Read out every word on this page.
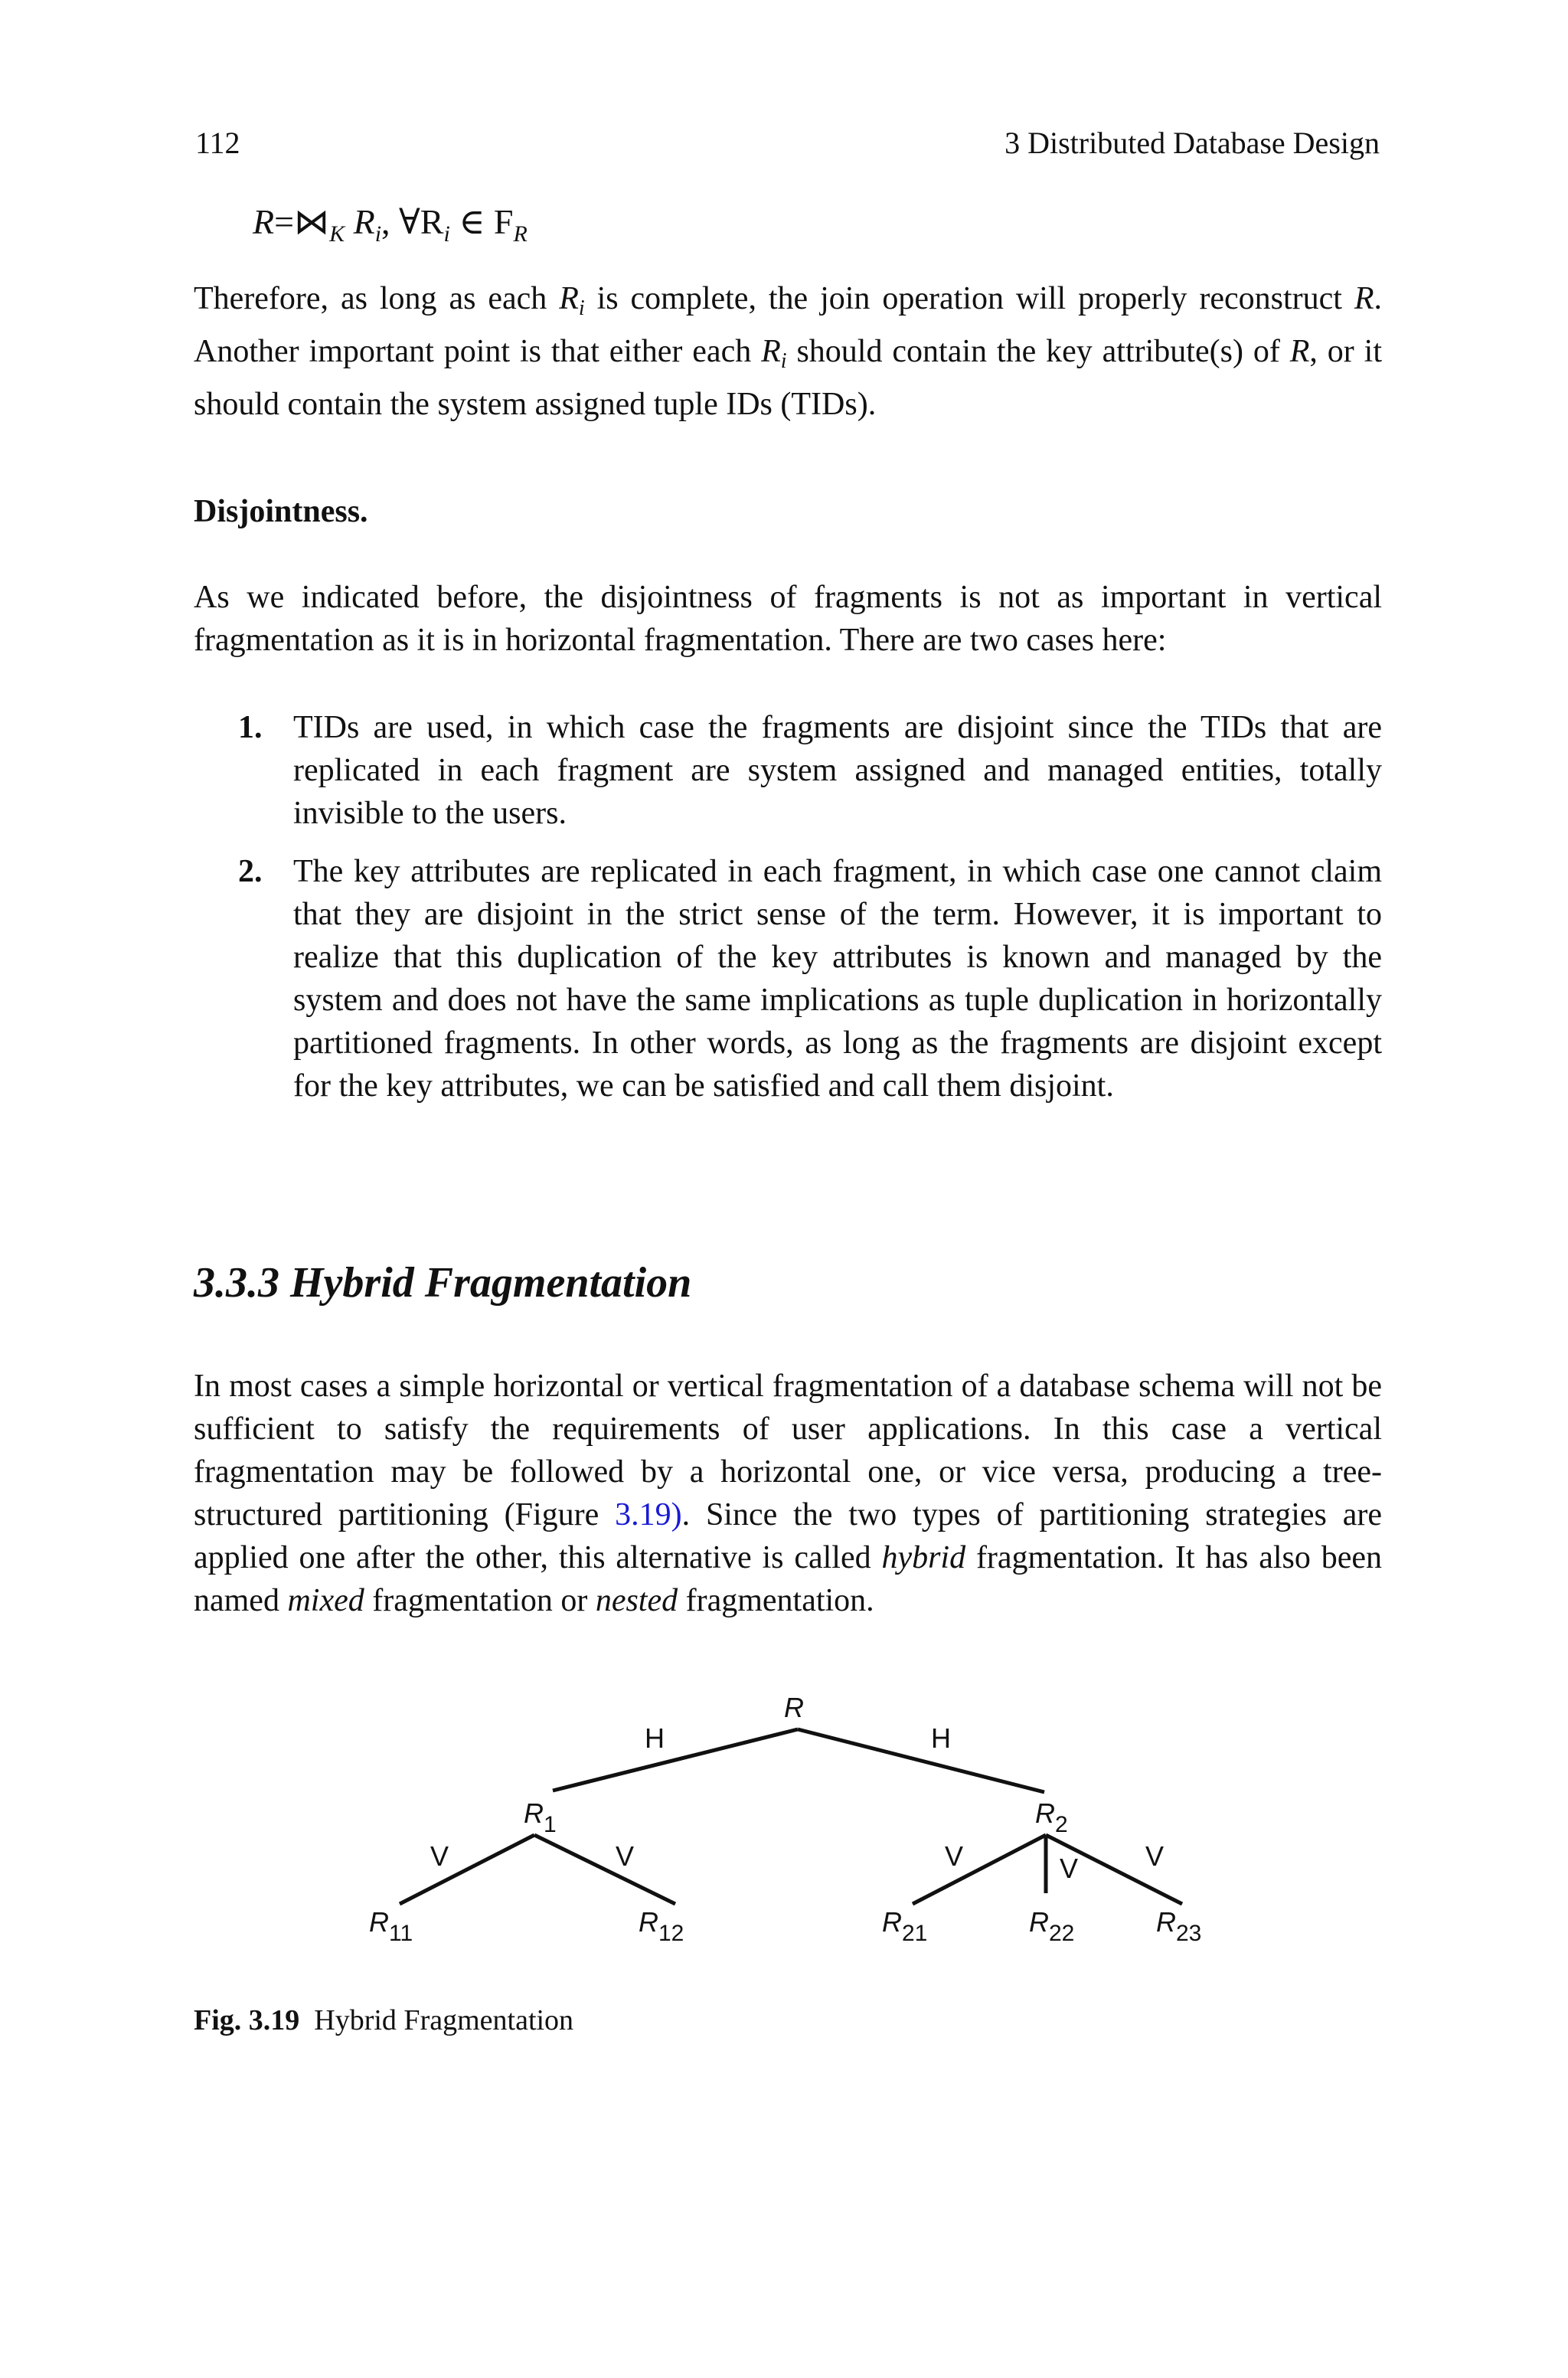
112	3 Distributed Database Design
$R=⋈_K$ $R_i$, $\forall R_i$ ∈ $F_R$

Therefore, as long as each $R_i$ is complete, the join operation will properly reconstruct R. Another important point is that either each $R_i$ should contain the key attribute(s) of R, or it should contain the system assigned tuple IDs (TIDs).

Disjointness.

As we indicated before, the disjointness of fragments is not as important in vertical fragmentation as it is in horizontal fragmentation. There are two cases here:

1. TIDs are used, in which case the fragments are disjoint since the TIDs that are replicated in each fragment are system assigned and managed entities, totally invisible to the users.
2. The key attributes are replicated in each fragment, in which case one cannot claim that they are disjoint in the strict sense of the term. However, it is important to realize that this duplication of the key attributes is known and managed by the system and does not have the same implications as tuple duplication in horizontally partitioned fragments. In other words, as long as the fragments are disjoint except for the key attributes, we can be satisfied and call them disjoint.
3.3.3 Hybrid Fragmentation

In most cases a simple horizontal or vertical fragmentation of a database schema will not be sufficient to satisfy the requirements of user applications. In this case a vertical fragmentation may be followed by a horizontal one, or vice versa, producing a tree-structured partitioning (Figure 3.19). Since the two types of partitioning strategies are applied one after the other, this alternative is called hybrid fragmentation. It has also been named mixed fragmentation or nested fragmentation.

R
H	H
$R_1$	$R_2$
V	V	V	V V
$R_{11}$	$R_{12}$	$R_{21}$	$R_{22}$	$R_{23}$
Fig. 3.19 Hybrid Fragmentation
